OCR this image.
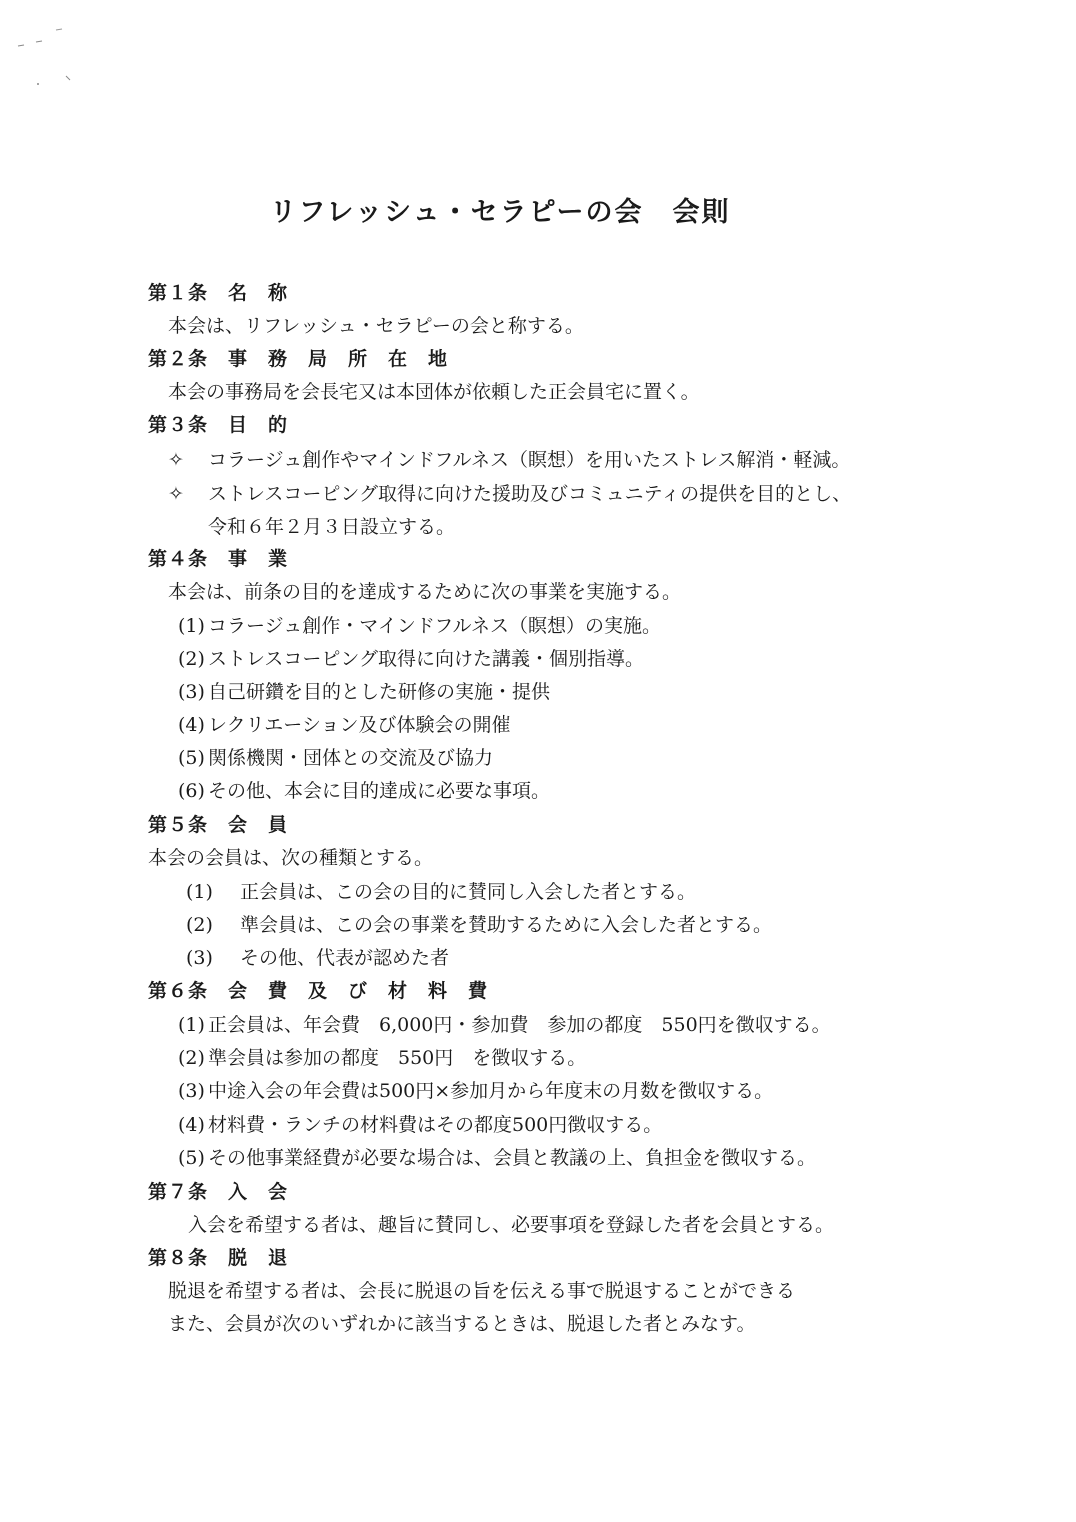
リフレッシュ・セラピーの会　会則
第１条　名　称
本会は、リフレッシュ・セラピーの会と称する。
第２条　事　務　局　所　在　地
本会の事務局を会長宅又は本団体が依頼した正会員宅に置く。
第３条　目　的
✧ コラージュ創作やマインドフルネス（瞑想）を用いたストレス解消・軽減。
✧ ストレスコーピング取得に向けた援助及びコミュニティの提供を目的とし、
令和６年２月３日設立する。
第４条　事　業
本会は、前条の目的を達成するために次の事業を実施する。
(1) コラージュ創作・マインドフルネス（瞑想）の実施。
(2) ストレスコーピング取得に向けた講義・個別指導。
(3) 自己研鑽を目的とした研修の実施・提供
(4) レクリエーション及び体験会の開催
(5) 関係機関・団体との交流及び協力
(6) その他、本会に目的達成に必要な事項。
第５条　会　員
本会の会員は、次の種類とする。
(1) 正会員は、この会の目的に賛同し入会した者とする。
(2) 準会員は、この会の事業を賛助するために入会した者とする。
(3) その他、代表が認めた者
第６条　会　費　及　び　材　料　費
(1) 正会員は、年会費　6,000円・参加費　参加の都度　550円を徴収する。
(2) 準会員は参加の都度　550円　を徴収する。
(3) 中途入会の年会費は500円×参加月から年度末の月数を徴収する。
(4) 材料費・ランチの材料費はその都度500円徴収する。
(5) その他事業経費が必要な場合は、会員と教議の上、負担金を徴収する。
第７条　入　会
入会を希望する者は、趣旨に賛同し、必要事項を登録した者を会員とする。
第８条　脱　退
脱退を希望する者は、会長に脱退の旨を伝える事で脱退することができる
また、会員が次のいずれかに該当するときは、脱退した者とみなす。
